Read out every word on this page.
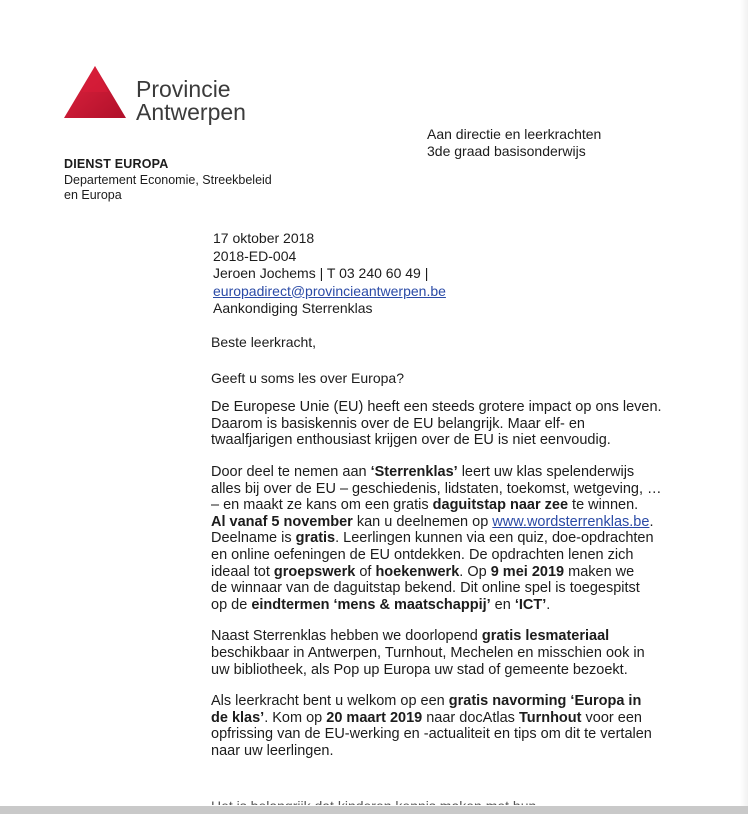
Provincie
Antwerpen
Aan directie en leerkrachten
3de graad basisonderwijs
DIENST EUROPA
Departement Economie, Streekbeleid
en Europa
17 oktober 2018
2018-ED-004
Jeroen Jochems | T 03 240 60 49 |
europadirect@provincieantwerpen.be
Aankondiging Sterrenklas

Beste leerkracht,

Geeft u soms les over Europa?

De Europese Unie (EU) heeft een steeds grotere impact op ons leven.
Daarom is basiskennis over de EU belangrijk. Maar elf- en
twaalfjarigen enthousiast krijgen over de EU is niet eenvoudig.

Door deel te nemen aan ‘Sterrenklas’ leert uw klas spelenderwijs
alles bij over de EU – geschiedenis, lidstaten, toekomst, wetgeving, …
– en maakt ze kans om een gratis daguitstap naar zee te winnen.
Al vanaf 5 november kan u deelnemen op www.wordsterrenklas.be.
Deelname is gratis. Leerlingen kunnen via een quiz, doe-opdrachten
en online oefeningen de EU ontdekken. De opdrachten lenen zich
ideaal tot groepswerk of hoekenwerk. Op 9 mei 2019 maken we
de winnaar van de daguitstap bekend. Dit online spel is toegespitst
op de eindtermen ‘mens & maatschappij’ en ‘ICT’.

Naast Sterrenklas hebben we doorlopend gratis lesmateriaal
beschikbaar in Antwerpen, Turnhout, Mechelen en misschien ook in
uw bibliotheek, als Pop up Europa uw stad of gemeente bezoekt.

Als leerkracht bent u welkom op een gratis navorming ‘Europa in
de klas’. Kom op 20 maart 2019 naar docAtlas Turnhout voor een
opfrissing van de EU-werking en -actualiteit en tips om dit te vertalen
naar uw leerlingen.
